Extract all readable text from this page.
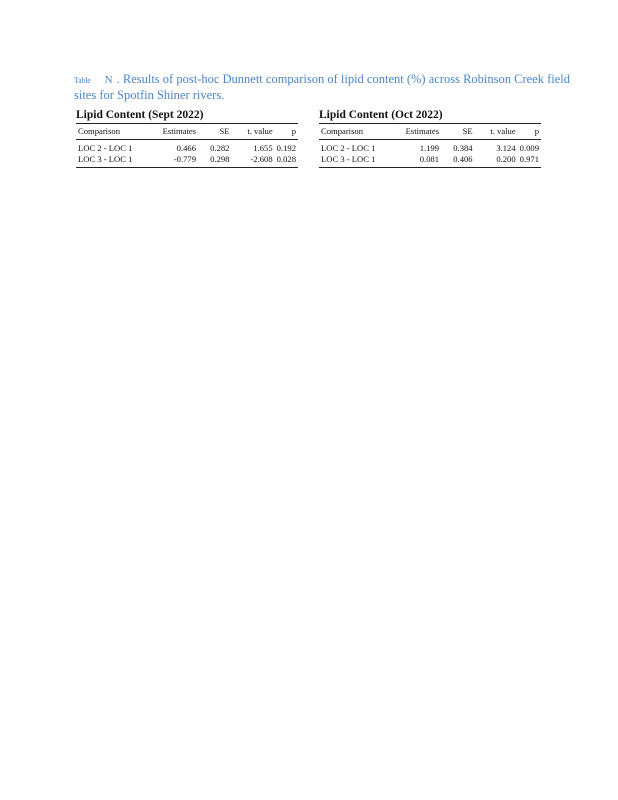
Table N . Results of post-hoc Dunnett comparison of lipid content (%) across Robinson Creek field sites for Spotfin Shiner rivers.
Lipid Content (Sept 2022)
Comparison	Estimates	SE	t. value	p
LOC 2 - LOC 1	0.466	0.282	1.655	0.192
LOC 3 - LOC 1	-0.779	0.298	-2.608	0.028
Lipid Content (Oct 2022)
Comparison	Estimates	SE	t. value	p
LOC 2 - LOC 1	1.199	0.384	3.124	0.009
LOC 3 - LOC 1	0.081	0.406	0.200	0.971
